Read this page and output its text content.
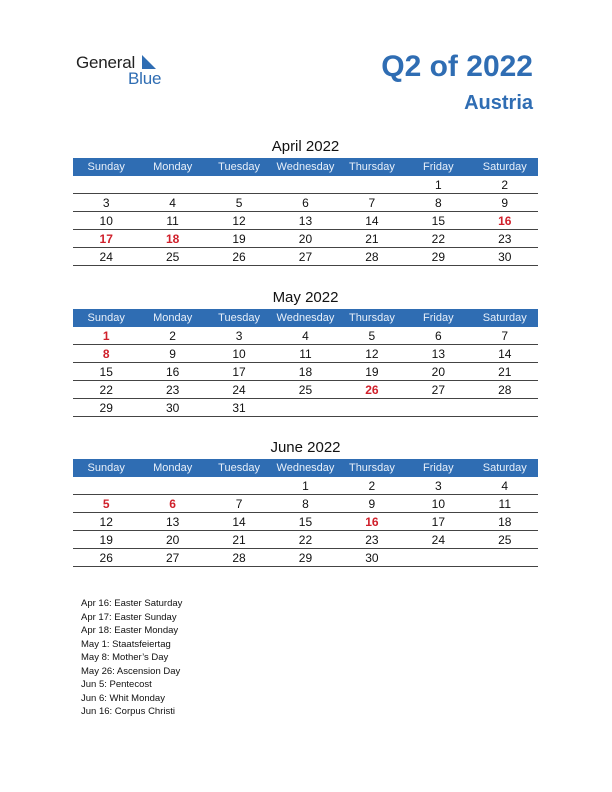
General
Blue	Q2 of 2022
Austria
April 2022
Sunday	Monday	Tuesday	Wednesday	Thursday	Friday	Saturday
					1	2
3	4	5	6	7	8	9
10	11	12	13	14	15	16
17	18	19	20	21	22	23
24	25	26	27	28	29	30
May 2022
Sunday	Monday	Tuesday	Wednesday	Thursday	Friday	Saturday
1	2	3	4	5	6	7
8	9	10	11	12	13	14
15	16	17	18	19	20	21
22	23	24	25	26	27	28
29	30	31				
June 2022
Sunday	Monday	Tuesday	Wednesday	Thursday	Friday	Saturday
			1	2	3	4
5	6	7	8	9	10	11
12	13	14	15	16	17	18
19	20	21	22	23	24	25
26	27	28	29	30		
Apr 16: Easter Saturday
Apr 17: Easter Sunday
Apr 18: Easter Monday
May 1: Staatsfeiertag
May 8: Mother’s Day
May 26: Ascension Day
Jun 5: Pentecost
Jun 6: Whit Monday
Jun 16: Corpus Christi
